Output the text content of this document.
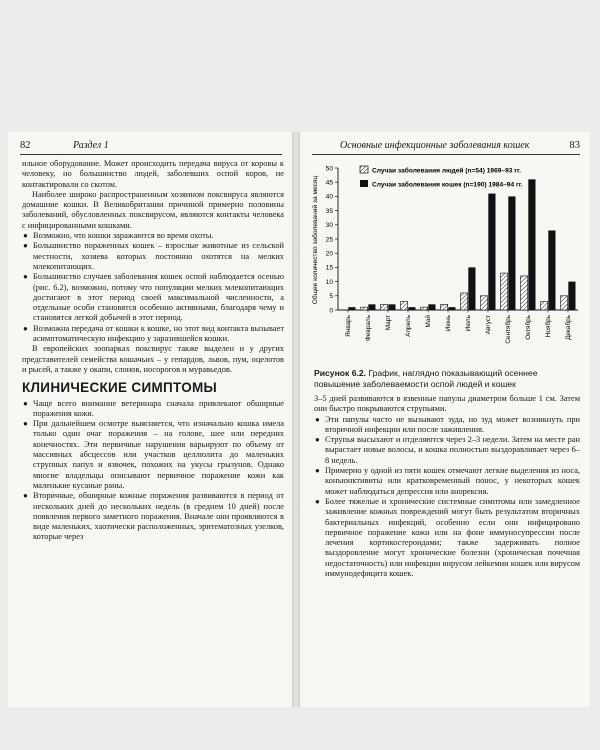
82	Раздел 1

ильное оборудование. Может происходить передача вируса от коровы к человеку, но большинство людей, заболевших оспой коров, не контактировали со скотом.

Наиболее широко распространенным хозяином поксвируса являются домашние кошки. В Великобритании причиной примерно половины заболеваний, обусловленных поксвирусом, являются контакты человека с инфицированными кошками.

● Возможно, что кошки заражаются во время охоты.
● Большинство пораженных кошек – взрослые животные из сельской местности, хозяева которых постоянно охотятся на мелких млекопитающих.
● Большинство случаев заболевания кошек оспой наблюдается осенью (рис. 6.2), возможно, потому что популяции мелких млекопитающих достигают в этот период своей максимальной численности, а отдельные особи становятся особенно активными, благодаря чему и становятся легкой добычей в этот период.
● Возможна передача от кошки к кошке, но этот вид контакта вызывает асимптоматическую инфекцию у заразившейся кошки.

В европейских зоопарках поксвирус также выделен и у других представителей семейства кошачьих – у гепардов, львов, пум, оцелотов и рысей, а также у окапи, слонов, носорогов и муравьедов.

КЛИНИЧЕСКИЕ СИМПТОМЫ
● Чаще всего внимание ветеринара сначала привлекают обширные поражения кожи.
● При дальнейшем осмотре выясняется, что изначально кошка имела только один очаг поражения – на голове, шее или передних конечностях. Эти первичные нарушения варьируют по объему от массивных абсцессов или участков целлюлита до маленьких струпных папул и язвочек, похожих на укусы грызунов. Однако многие владельцы описывают первичное поражение кожи как маленькие кусаные раны.
● Вторичные, обширные кожные поражения развиваются в период от нескольких дней до нескольких недель (в среднем 10 дней) после появления первого заметного поражения. Вначале они проявляются в виде маленьких, хаотически расположенных, эритематозных узелков, которые через
Основные инфекционные заболевания кошек	83
Общее количество заболеваний за месяц
0
5
10
15
20
25
30
35
40
45
50
Январь Февраль Март Апрель Май Июнь Июль Август Сентябрь Октябрь Ноябрь Декабрь
Случаи заболевания людей (n=54) 1969–93 гг.
Случаи заболевания кошек (n=190) 1984–94 гг.
Рисунок 6.2. График, наглядно показывающий осеннее повышение заболеваемости оспой людей и кошек

3–5 дней развиваются в язвенные папулы диаметром больше 1 см. Затем они быстро покрываются струпьями.

● Эти папулы часто не вызывают зуда, но зуд может возникнуть при вторичной инфекции или после заживления.
● Струпья высыхают и отделяются через 2–3 недели. Затем на месте ран вырастает новые волосы, и кошка полностью выздоравливает через 6–8 недель.
● Примерно у одной из пяти кошек отмечают легкие выделения из носа, конъюнктивиты или кратковременный понос, у некоторых кошек может наблюдаться депрессия или анорексия.
● Более тяжелые и хронические системные симптомы или замедленное заживление кожных повреждений могут быть результатом вторичных бактериальных инфекций, особенно если они инфицировано первичное поражение кожи или на фоне иммуносупрессии после лечения кортикостероидами; также задерживать полное выздоровление могут хронические болезни (хроническая почечная недостаточность) или инфекции вирусом лейкемии кошек или вирусом иммунодефицита кошек.
